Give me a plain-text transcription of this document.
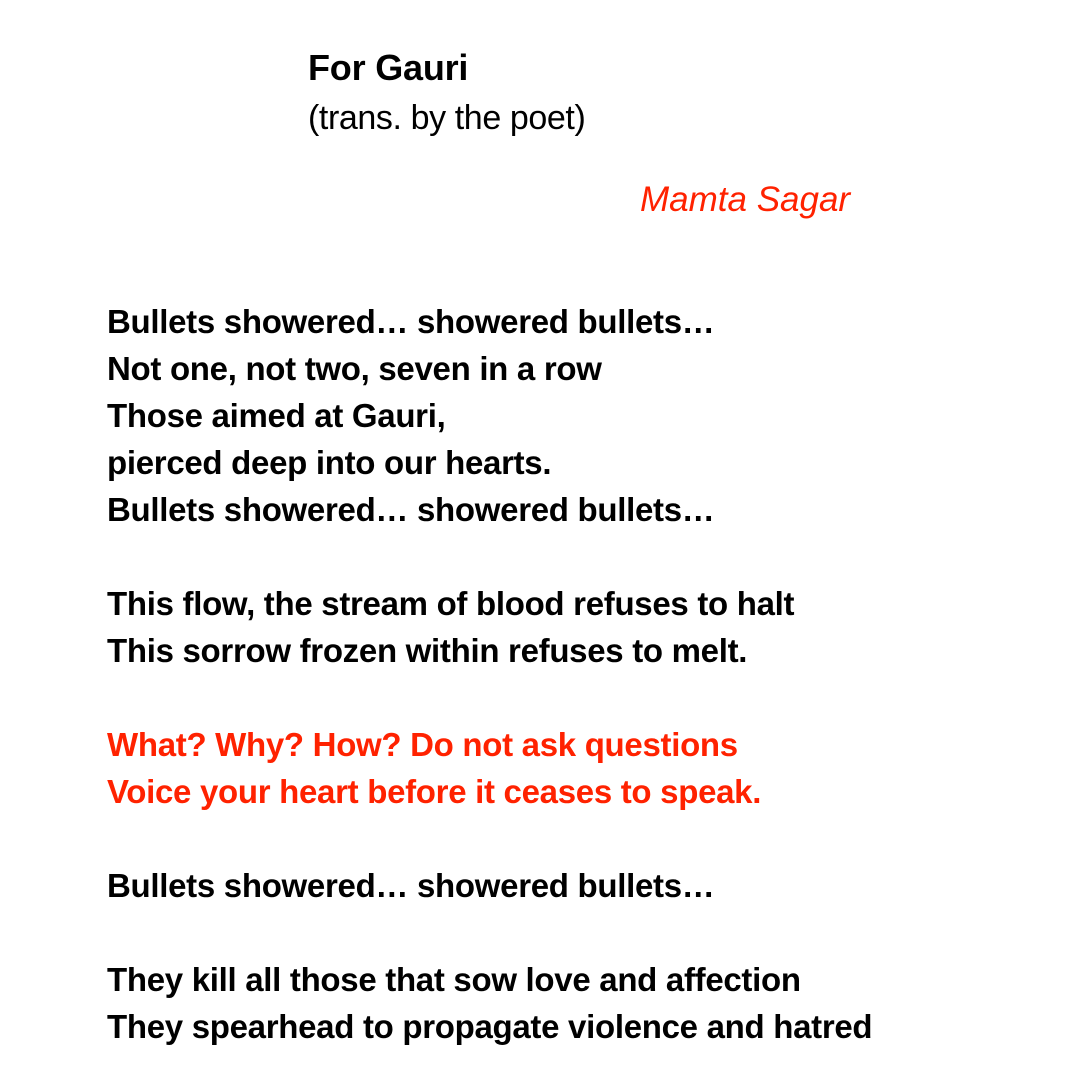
For Gauri
(trans. by the poet)
Mamta Sagar
Bullets showered… showered bullets…
Not one, not two, seven in a row
Those aimed at Gauri,
pierced deep into our hearts.
Bullets showered… showered bullets…
This flow, the stream of blood refuses to halt
This sorrow frozen within refuses to melt.
What? Why? How? Do not ask questions
Voice your heart before it ceases to speak.
Bullets showered… showered bullets…
They kill all those that sow love and affection
They spearhead to propagate violence and hatred
